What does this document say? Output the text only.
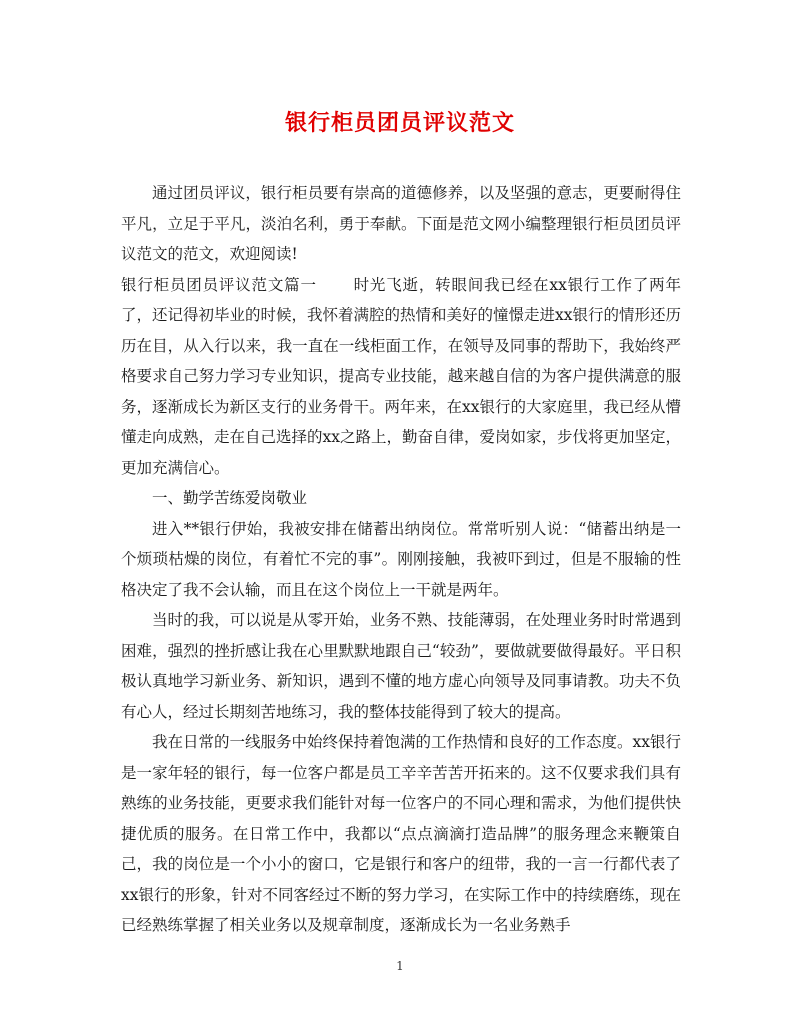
银行柜员团员评议范文

通过团员评议，银行柜员要有崇高的道德修养，以及坚强的意志，更要耐得住平凡，立足于平凡，淡泊名利，勇于奉献。下面是范文网小编整理银行柜员团员评议范文的范文，欢迎阅读!

银行柜员团员评议范文篇一 时光飞逝，转眼间我已经在xx银行工作了两年了，还记得初毕业的时候，我怀着满腔的热情和美好的憧憬走进xx银行的情形还历历在目，从入行以来，我一直在一线柜面工作，在领导及同事的帮助下，我始终严格要求自己努力学习专业知识，提高专业技能，越来越自信的为客户提供满意的服务，逐渐成长为新区支行的业务骨干。两年来，在xx银行的大家庭里，我已经从懵懂走向成熟，走在自己选择的xx之路上，勤奋自律，爱岗如家，步伐将更加坚定，更加充满信心。

一、勤学苦练爱岗敬业

进入**银行伊始，我被安排在储蓄出纳岗位。常常听别人说：“储蓄出纳是一个烦琐枯燥的岗位，有着忙不完的事”。刚刚接触，我被吓到过，但是不服输的性格决定了我不会认输，而且在这个岗位上一干就是两年。

当时的我，可以说是从零开始，业务不熟、技能薄弱，在处理业务时时常遇到困难，强烈的挫折感让我在心里默默地跟自己“较劲”，要做就要做得最好。平日积极认真地学习新业务、新知识，遇到不懂的地方虚心向领导及同事请教。功夫不负有心人，经过长期刻苦地练习，我的整体技能得到了较大的提高。

我在日常的一线服务中始终保持着饱满的工作热情和良好的工作态度。xx银行是一家年轻的银行，每一位客户都是员工辛辛苦苦开拓来的。这不仅要求我们具有熟练的业务技能，更要求我们能针对每一位客户的不同心理和需求，为他们提供快捷优质的服务。在日常工作中，我都以“点点滴滴打造品牌”的服务理念来鞭策自己，我的岗位是一个小小的窗口，它是银行和客户的纽带，我的一言一行都代表了xx银行的形象，针对不同客经过不断的努力学习，在实际工作中的持续磨练，现在已经熟练掌握了相关业务以及规章制度，逐渐成长为一名业务熟手

1
